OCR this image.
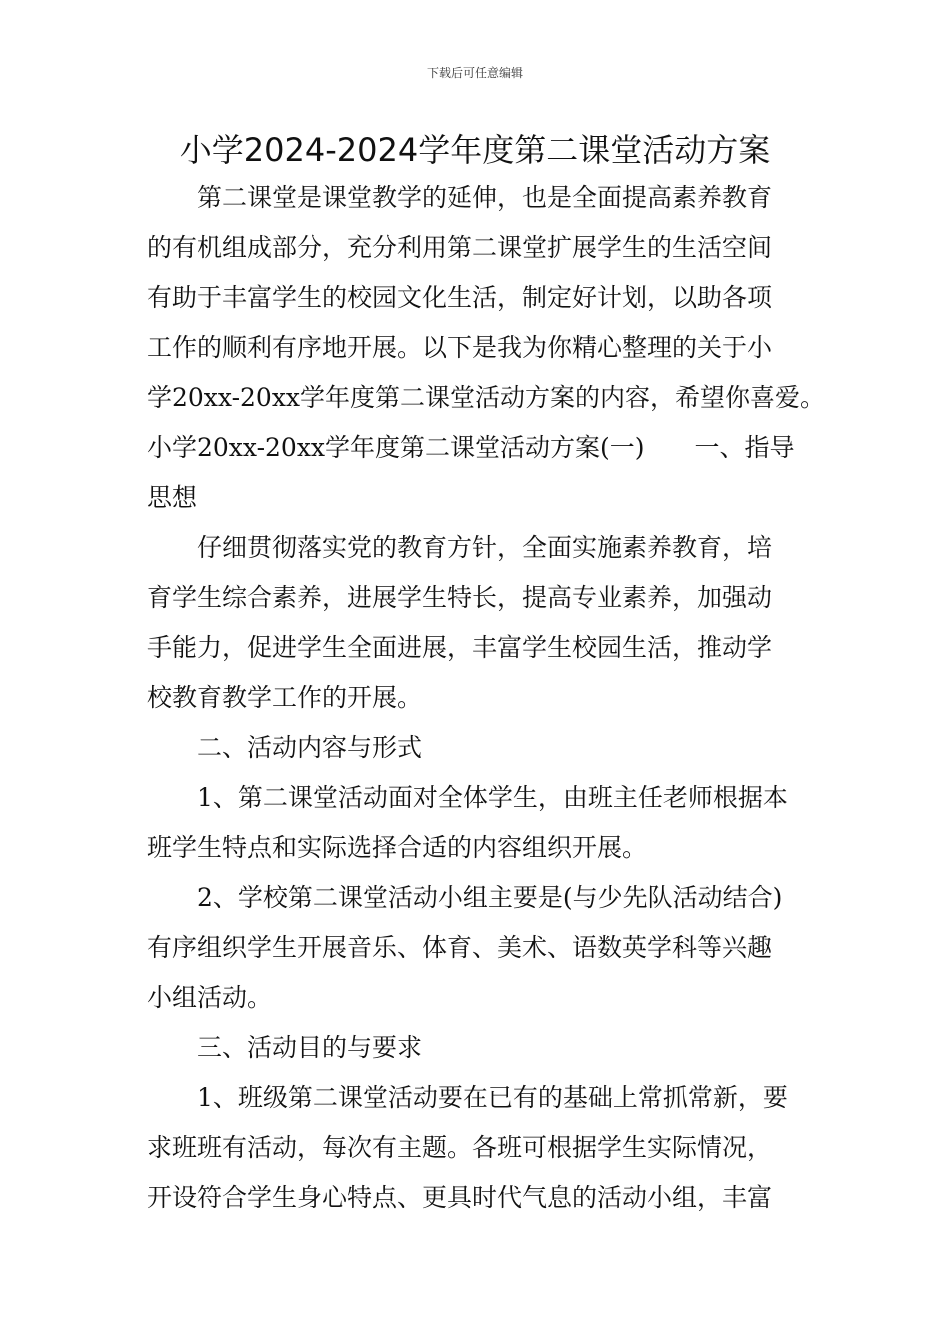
下载后可任意编辑
小学2024-2024学年度第二课堂活动方案
第二课堂是课堂教学的延伸，也是全面提高素养教育
的有机组成部分，充分利用第二课堂扩展学生的生活空间
有助于丰富学生的校园文化生活，制定好计划，以助各项
工作的顺利有序地开展。以下是我为你精心整理的关于小
学20xx-20xx学年度第二课堂活动方案的内容，希望你喜爱。
小学20xx-20xx学年度第二课堂活动方案(一)　　一、指导
思想
仔细贯彻落实党的教育方针，全面实施素养教育，培
育学生综合素养，进展学生特长，提高专业素养，加强动
手能力，促进学生全面进展，丰富学生校园生活，推动学
校教育教学工作的开展。
二、活动内容与形式
1、第二课堂活动面对全体学生，由班主任老师根据本
班学生特点和实际选择合适的内容组织开展。
2、学校第二课堂活动小组主要是(与少先队活动结合)
有序组织学生开展音乐、体育、美术、语数英学科等兴趣
小组活动。
三、活动目的与要求
1、班级第二课堂活动要在已有的基础上常抓常新，要
求班班有活动，每次有主题。各班可根据学生实际情况，
开设符合学生身心特点、更具时代气息的活动小组，丰富
